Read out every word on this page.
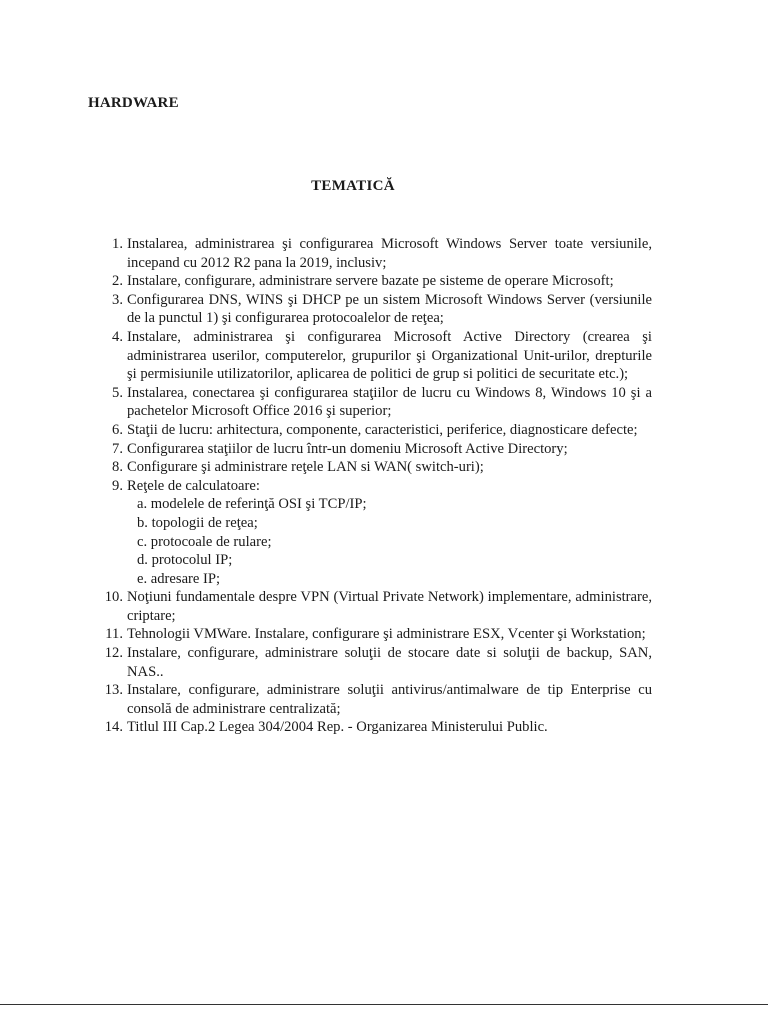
HARDWARE
TEMATICĂ
1. Instalarea, administrarea şi configurarea Microsoft Windows Server toate versiunile, incepand cu 2012 R2 pana la 2019, inclusiv;
2. Instalare, configurare, administrare servere bazate pe sisteme de operare Microsoft;
3. Configurarea DNS, WINS şi DHCP pe un sistem Microsoft Windows Server (versiunile de la punctul 1) şi configurarea protocoalelor de reţea;
4. Instalare, administrarea şi configurarea Microsoft Active Directory (crearea şi administrarea userilor, computerelor, grupurilor şi Organizational Unit-urilor, drepturile şi permisiunile utilizatorilor, aplicarea de politici de grup si politici de securitate etc.);
5. Instalarea, conectarea şi configurarea staţiilor de lucru cu Windows 8, Windows 10 şi a pachetelor Microsoft Office 2016 şi superior;
6. Staţii de lucru: arhitectura, componente, caracteristici, periferice, diagnosticare defecte;
7. Configurarea staţiilor de lucru într-un domeniu Microsoft Active Directory;
8. Configurare şi administrare reţele LAN si WAN( switch-uri);
9. Reţele de calculatoare:
a. modelele de referinţă OSI şi TCP/IP;
b. topologii de reţea;
c. protocoale de rulare;
d. protocolul IP;
e. adresare IP;
10. Noţiuni fundamentale despre VPN (Virtual Private Network) implementare, administrare, criptare;
11. Tehnologii VMWare. Instalare, configurare şi administrare ESX, Vcenter şi Workstation;
12. Instalare, configurare, administrare soluţii de stocare date si soluţii de backup, SAN, NAS..
13. Instalare, configurare, administrare soluţii antivirus/antimalware de tip Enterprise cu consolă de administrare centralizată;
14. Titlul III Cap.2 Legea 304/2004 Rep. - Organizarea Ministerului Public.
